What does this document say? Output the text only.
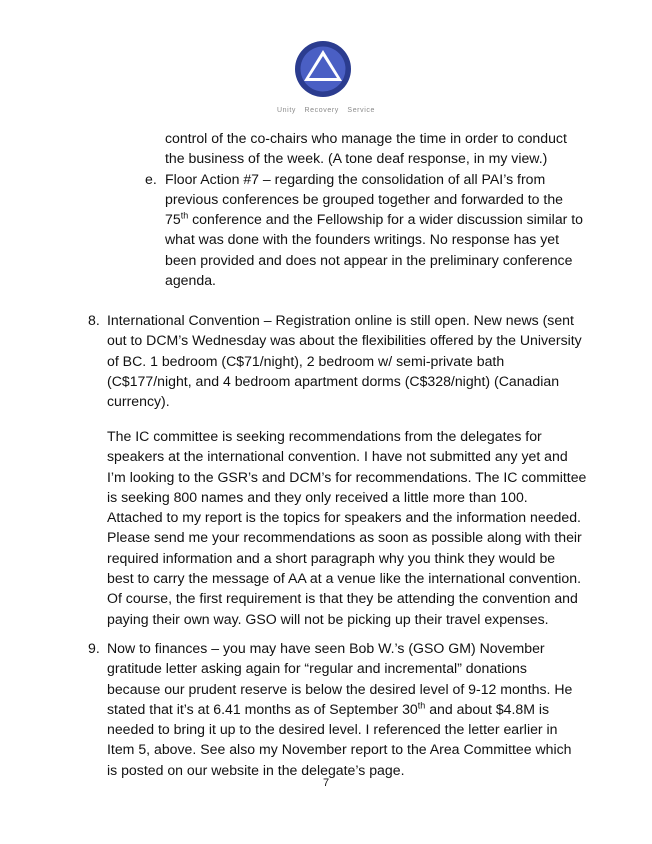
Unity Recovery Service
control of the co-chairs who manage the time in order to conduct
the business of the week. (A tone deaf response, in my view.)
e. Floor Action #7 – regarding the consolidation of all PAI’s from
previous conferences be grouped together and forwarded to the
75th conference and the Fellowship for a wider discussion similar to
what was done with the founders writings. No response has yet
been provided and does not appear in the preliminary conference
agenda.
8. International Convention – Registration online is still open. New news (sent
out to DCM’s Wednesday was about the flexibilities offered by the University
of BC. 1 bedroom (C$71/night), 2 bedroom w/ semi-private bath
(C$177/night, and 4 bedroom apartment dorms (C$328/night) (Canadian
currency).
The IC committee is seeking recommendations from the delegates for
speakers at the international convention. I have not submitted any yet and
I’m looking to the GSR’s and DCM’s for recommendations. The IC committee
is seeking 800 names and they only received a little more than 100.
Attached to my report is the topics for speakers and the information needed.
Please send me your recommendations as soon as possible along with their
required information and a short paragraph why you think they would be
best to carry the message of AA at a venue like the international convention.
Of course, the first requirement is that they be attending the convention and
paying their own way. GSO will not be picking up their travel expenses.
9. Now to finances – you may have seen Bob W.’s (GSO GM) November
gratitude letter asking again for “regular and incremental” donations
because our prudent reserve is below the desired level of 9-12 months. He
stated that it’s at 6.41 months as of September 30th and about $4.8M is
needed to bring it up to the desired level. I referenced the letter earlier in
Item 5, above. See also my November report to the Area Committee which
is posted on our website in the delegate’s page.
7
